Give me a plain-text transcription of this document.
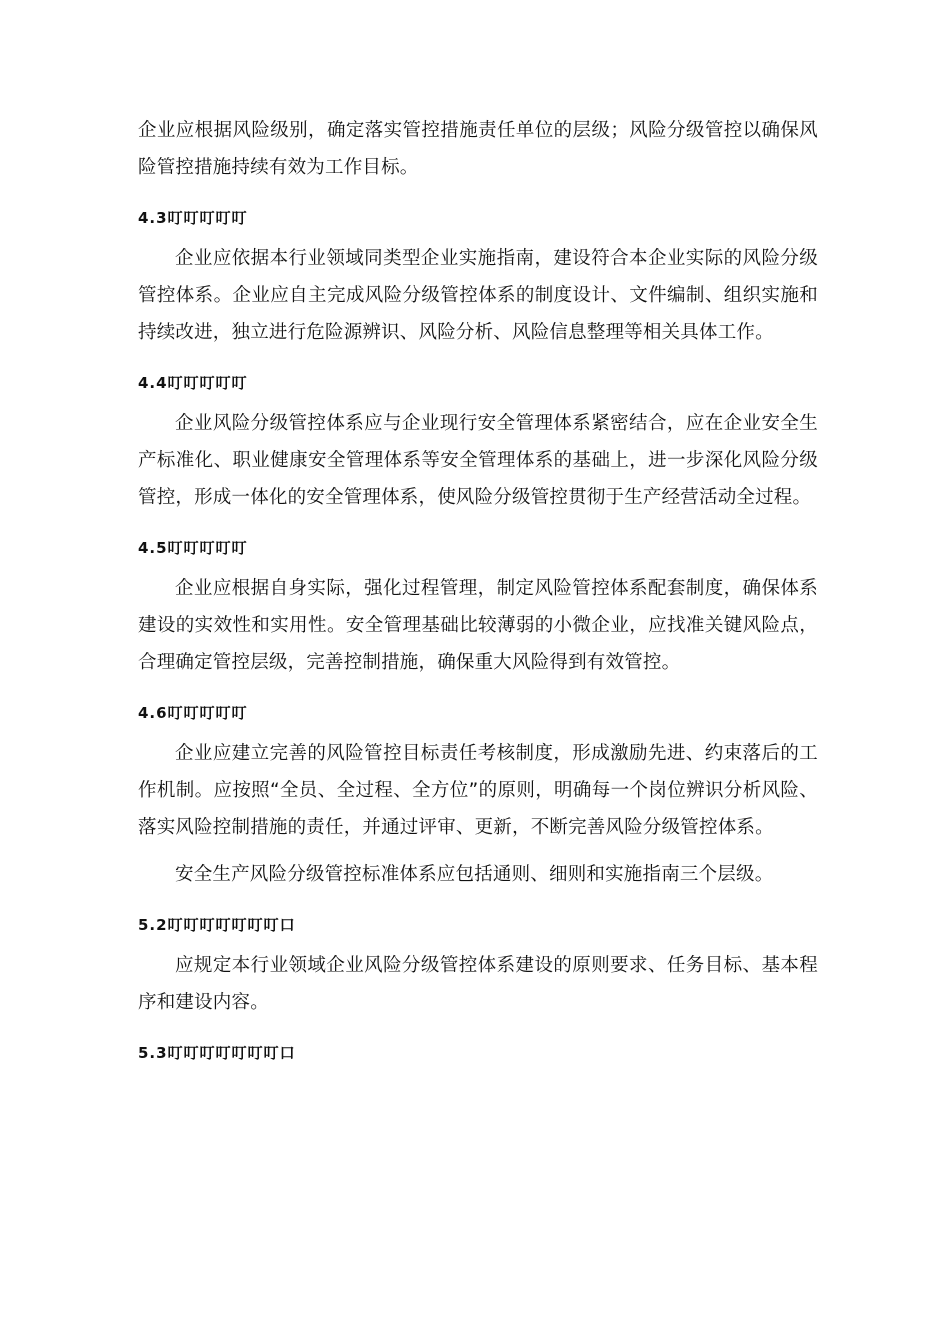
企业应根据风险级别，确定落实管控措施责任单位的层级；风险分级管控以确保风险管控措施持续有效为工作目标。

4.3叮叮叮叮叮

企业应依据本行业领域同类型企业实施指南，建设符合本企业实际的风险分级管控体系。企业应自主完成风险分级管控体系的制度设计、文件编制、组织实施和持续改进，独立进行危险源辨识、风险分析、风险信息整理等相关具体工作。

4.4叮叮叮叮叮

企业风险分级管控体系应与企业现行安全管理体系紧密结合，应在企业安全生产标准化、职业健康安全管理体系等安全管理体系的基础上，进一步深化风险分级管控，形成一体化的安全管理体系，使风险分级管控贯彻于生产经营活动全过程。

4.5叮叮叮叮叮

企业应根据自身实际，强化过程管理，制定风险管控体系配套制度，确保体系建设的实效性和实用性。安全管理基础比较薄弱的小微企业，应找准关键风险点，合理确定管控层级，完善控制措施，确保重大风险得到有效管控。

4.6叮叮叮叮叮

企业应建立完善的风险管控目标责任考核制度，形成激励先进、约束落后的工作机制。应按照“全员、全过程、全方位”的原则，明确每一个岗位辨识分析风险、落实风险控制措施的责任，并通过评审、更新，不断完善风险分级管控体系。

安全生产风险分级管控标准体系应包括通则、细则和实施指南三个层级。

5.2叮叮叮叮叮叮叮口

应规定本行业领域企业风险分级管控体系建设的原则要求、任务目标、基本程序和建设内容。

5.3叮叮叮叮叮叮叮口
